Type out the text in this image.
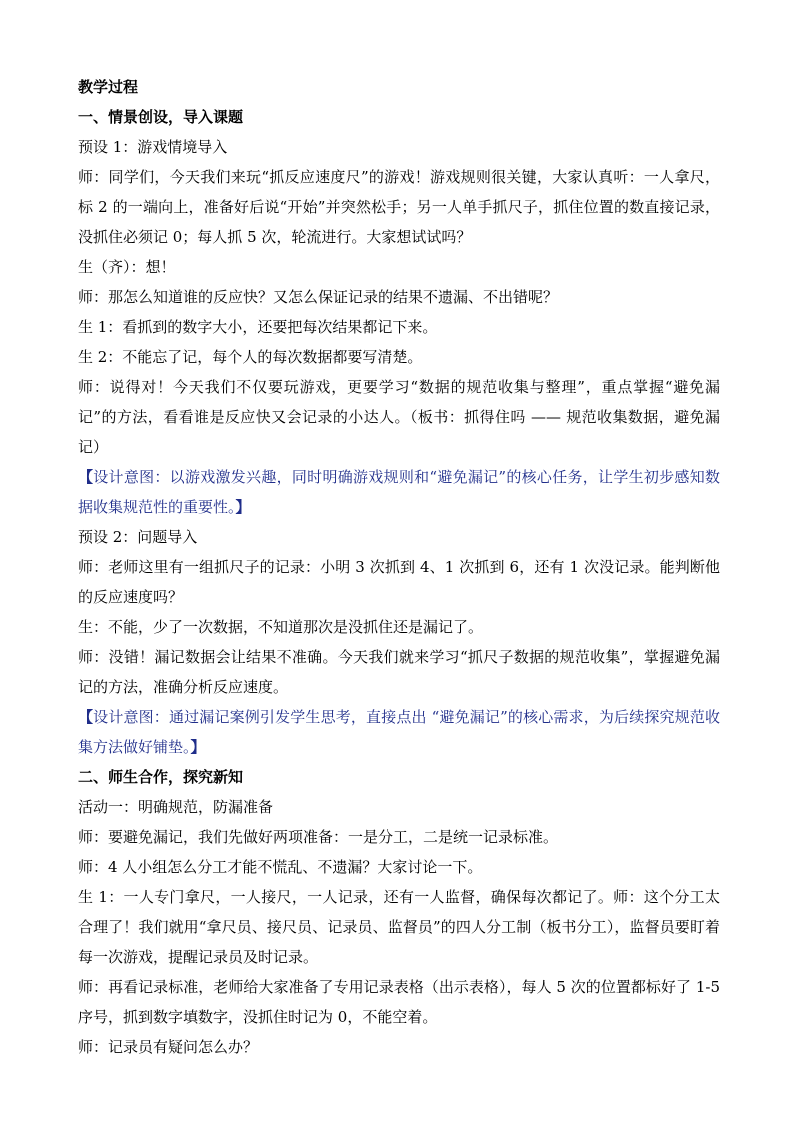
教学过程

一、情景创设，导入课题

预设 1：游戏情境导入

师：同学们，今天我们来玩“抓反应速度尺”的游戏！游戏规则很关键，大家认真听：一人拿尺，标 2 的一端向上，准备好后说“开始”并突然松手；另一人单手抓尺子，抓住位置的数直接记录，没抓住必须记 0；每人抓 5 次，轮流进行。大家想试试吗？

生（齐）：想！

师：那怎么知道谁的反应快？又怎么保证记录的结果不遗漏、不出错呢？

生 1：看抓到的数字大小，还要把每次结果都记下来。

生 2：不能忘了记，每个人的每次数据都要写清楚。

师：说得对！今天我们不仅要玩游戏，更要学习“数据的规范收集与整理”，重点掌握“避免漏记”的方法，看看谁是反应快又会记录的小达人。（板书：抓得住吗 —— 规范收集数据，避免漏记）

【设计意图：以游戏激发兴趣，同时明确游戏规则和“避免漏记”的核心任务，让学生初步感知数据收集规范性的重要性。】

预设 2：问题导入

师：老师这里有一组抓尺子的记录：小明 3 次抓到 4、1 次抓到 6，还有 1 次没记录。能判断他的反应速度吗？

生：不能，少了一次数据，不知道那次是没抓住还是漏记了。

师：没错！漏记数据会让结果不准确。今天我们就来学习“抓尺子数据的规范收集”，掌握避免漏记的方法，准确分析反应速度。

【设计意图：通过漏记案例引发学生思考，直接点出 “避免漏记”的核心需求，为后续探究规范收集方法做好铺垫。】

二、师生合作，探究新知

活动一：明确规范，防漏准备

师：要避免漏记，我们先做好两项准备：一是分工，二是统一记录标准。

师：4 人小组怎么分工才能不慌乱、不遗漏？大家讨论一下。

生 1：一人专门拿尺，一人接尺，一人记录，还有一人监督，确保每次都记了。师：这个分工太合理了！我们就用“拿尺员、接尺员、记录员、监督员”的四人分工制（板书分工），监督员要盯着每一次游戏，提醒记录员及时记录。

师：再看记录标准，老师给大家准备了专用记录表格（出示表格），每人 5 次的位置都标好了 1-5 序号，抓到数字填数字，没抓住时记为 0，不能空着。

师：记录员有疑问怎么办？
